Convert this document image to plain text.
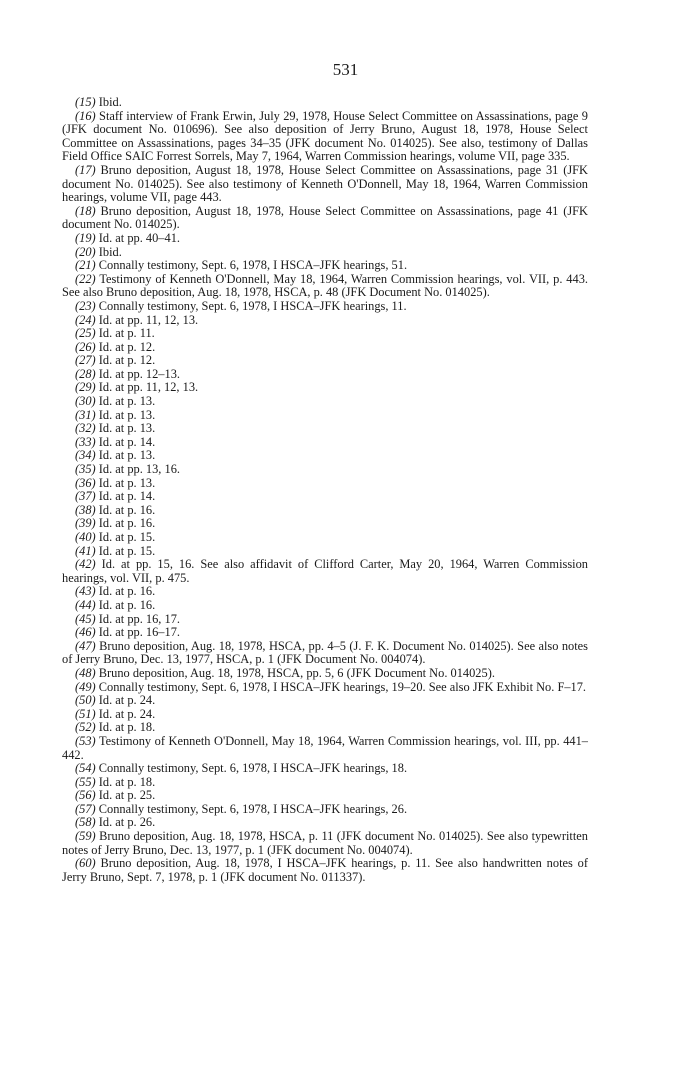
531

(15) Ibid.

(16) Staff interview of Frank Erwin, July 29, 1978, House Select Committee on Assassinations, page 9 (JFK document No. 010696). See also deposition of Jerry Bruno, August 18, 1978, House Select Committee on Assassinations, pages 34–35 (JFK document No. 014025). See also, testimony of Dallas Field Office SAIC Forrest Sorrels, May 7, 1964, Warren Commission hearings, volume VII, page 335.

(17) Bruno deposition, August 18, 1978, House Select Committee on Assassinations, page 31 (JFK document No. 014025). See also testimony of Kenneth O'Donnell, May 18, 1964, Warren Commission hearings, volume VII, page 443.

(18) Bruno deposition, August 18, 1978, House Select Committee on Assassinations, page 41 (JFK document No. 014025).

(19) Id. at pp. 40–41.

(20) Ibid.

(21) Connally testimony, Sept. 6, 1978, I HSCA–JFK hearings, 51.

(22) Testimony of Kenneth O'Donnell, May 18, 1964, Warren Commission hearings, vol. VII, p. 443. See also Bruno deposition, Aug. 18, 1978, HSCA, p. 48 (JFK Document No. 014025).

(23) Connally testimony, Sept. 6, 1978, I HSCA–JFK hearings, 11.

(24) Id. at pp. 11, 12, 13.

(25) Id. at p. 11.

(26) Id. at p. 12.

(27) Id. at p. 12.

(28) Id. at pp. 12–13.

(29) Id. at pp. 11, 12, 13.

(30) Id. at p. 13.

(31) Id. at p. 13.

(32) Id. at p. 13.

(33) Id. at p. 14.

(34) Id. at p. 13.

(35) Id. at pp. 13, 16.

(36) Id. at p. 13.

(37) Id. at p. 14.

(38) Id. at p. 16.

(39) Id. at p. 16.

(40) Id. at p. 15.

(41) Id. at p. 15.

(42) Id. at pp. 15, 16. See also affidavit of Clifford Carter, May 20, 1964, Warren Commission hearings, vol. VII, p. 475.

(43) Id. at p. 16.

(44) Id. at p. 16.

(45) Id. at pp. 16, 17.

(46) Id. at pp. 16–17.

(47) Bruno deposition, Aug. 18, 1978, HSCA, pp. 4–5 (J. F. K. Document No. 014025). See also notes of Jerry Bruno, Dec. 13, 1977, HSCA, p. 1 (JFK Document No. 004074).

(48) Bruno deposition, Aug. 18, 1978, HSCA, pp. 5, 6 (JFK Document No. 014025).

(49) Connally testimony, Sept. 6, 1978, I HSCA–JFK hearings, 19–20. See also JFK Exhibit No. F–17.

(50) Id. at p. 24.

(51) Id. at p. 24.

(52) Id. at p. 18.

(53) Testimony of Kenneth O'Donnell, May 18, 1964, Warren Commission hearings, vol. III, pp. 441–442.

(54) Connally testimony, Sept. 6, 1978, I HSCA–JFK hearings, 18.

(55) Id. at p. 18.

(56) Id. at p. 25.

(57) Connally testimony, Sept. 6, 1978, I HSCA–JFK hearings, 26.

(58) Id. at p. 26.

(59) Bruno deposition, Aug. 18, 1978, HSCA, p. 11 (JFK document No. 014025). See also typewritten notes of Jerry Bruno, Dec. 13, 1977, p. 1 (JFK document No. 004074).

(60) Bruno deposition, Aug. 18, 1978, I HSCA–JFK hearings, p. 11. See also handwritten notes of Jerry Bruno, Sept. 7, 1978, p. 1 (JFK document No. 011337).
